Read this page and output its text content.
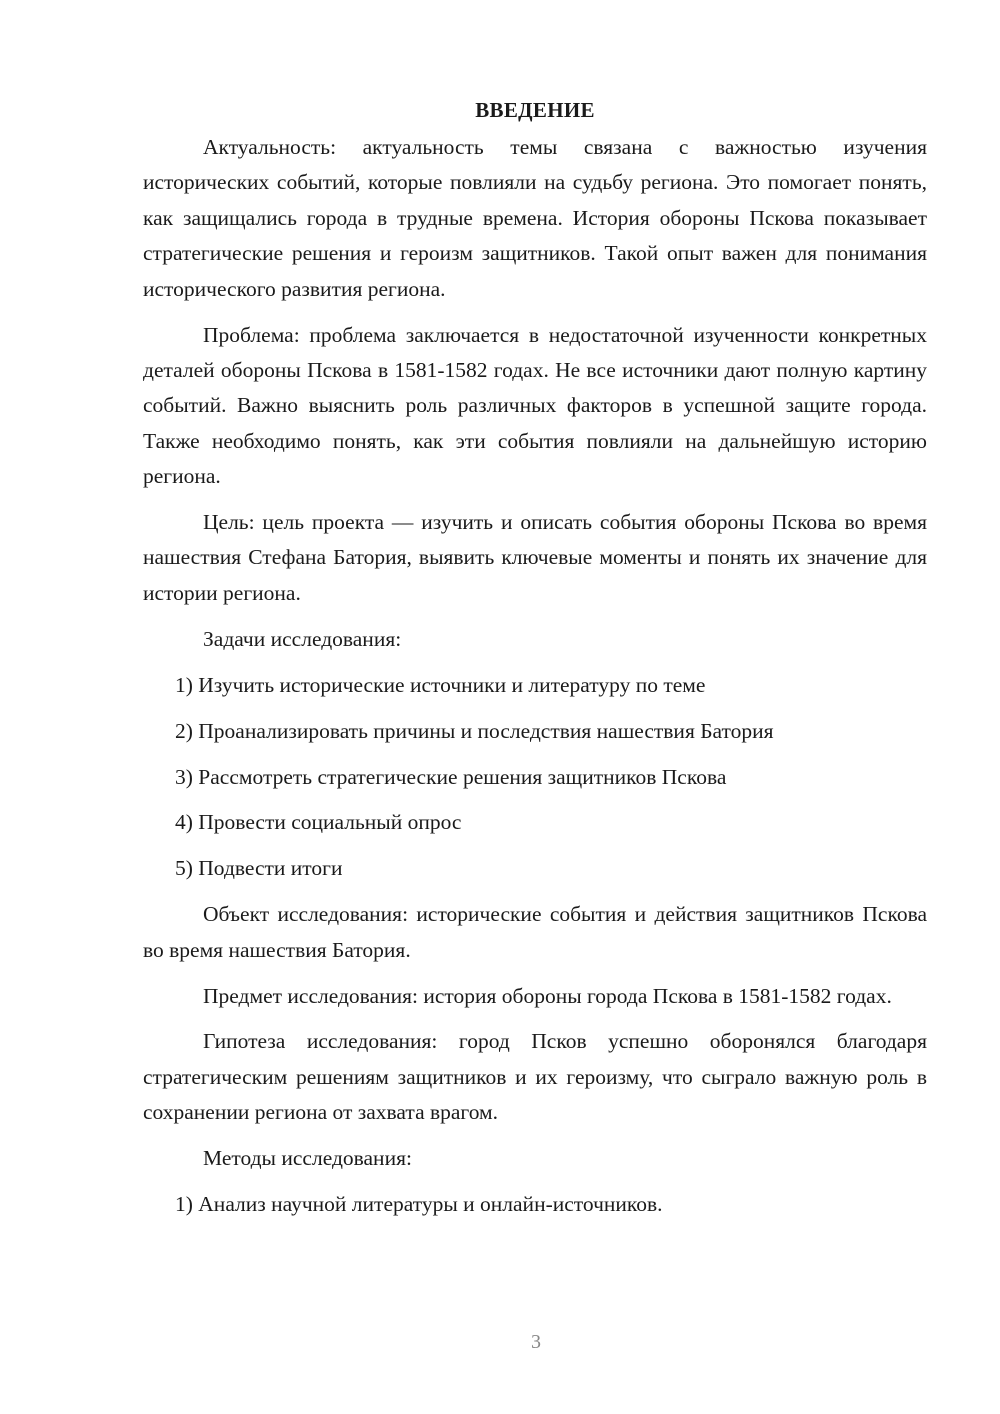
ВВЕДЕНИЕ

Актуальность: актуальность темы связана с важностью изучения исторических событий, которые повлияли на судьбу региона. Это помогает понять, как защищались города в трудные времена. История обороны Пскова показывает стратегические решения и героизм защитников. Такой опыт важен для понимания исторического развития региона.

Проблема: проблема заключается в недостаточной изученности конкретных деталей обороны Пскова в 1581-1582 годах. Не все источники дают полную картину событий. Важно выяснить роль различных факторов в успешной защите города. Также необходимо понять, как эти события повлияли на дальнейшую историю региона.

Цель: цель проекта — изучить и описать события обороны Пскова во время нашествия Стефана Батория, выявить ключевые моменты и понять их значение для истории региона.

Задачи исследования:

1) Изучить исторические источники и литературу по теме

2) Проанализировать причины и последствия нашествия Батория

3) Рассмотреть стратегические решения защитников Пскова

4) Провести социальный опрос

5) Подвести итоги

Объект исследования: исторические события и действия защитников Пскова во время нашествия Батория.

Предмет исследования: история обороны города Пскова в 1581-1582 годах.

Гипотеза исследования: город Псков успешно оборонялся благодаря стратегическим решениям защитников и их героизму, что сыграло важную роль в сохранении региона от захвата врагом.

Методы исследования:

1) Анализ научной литературы и онлайн-источников.

3
